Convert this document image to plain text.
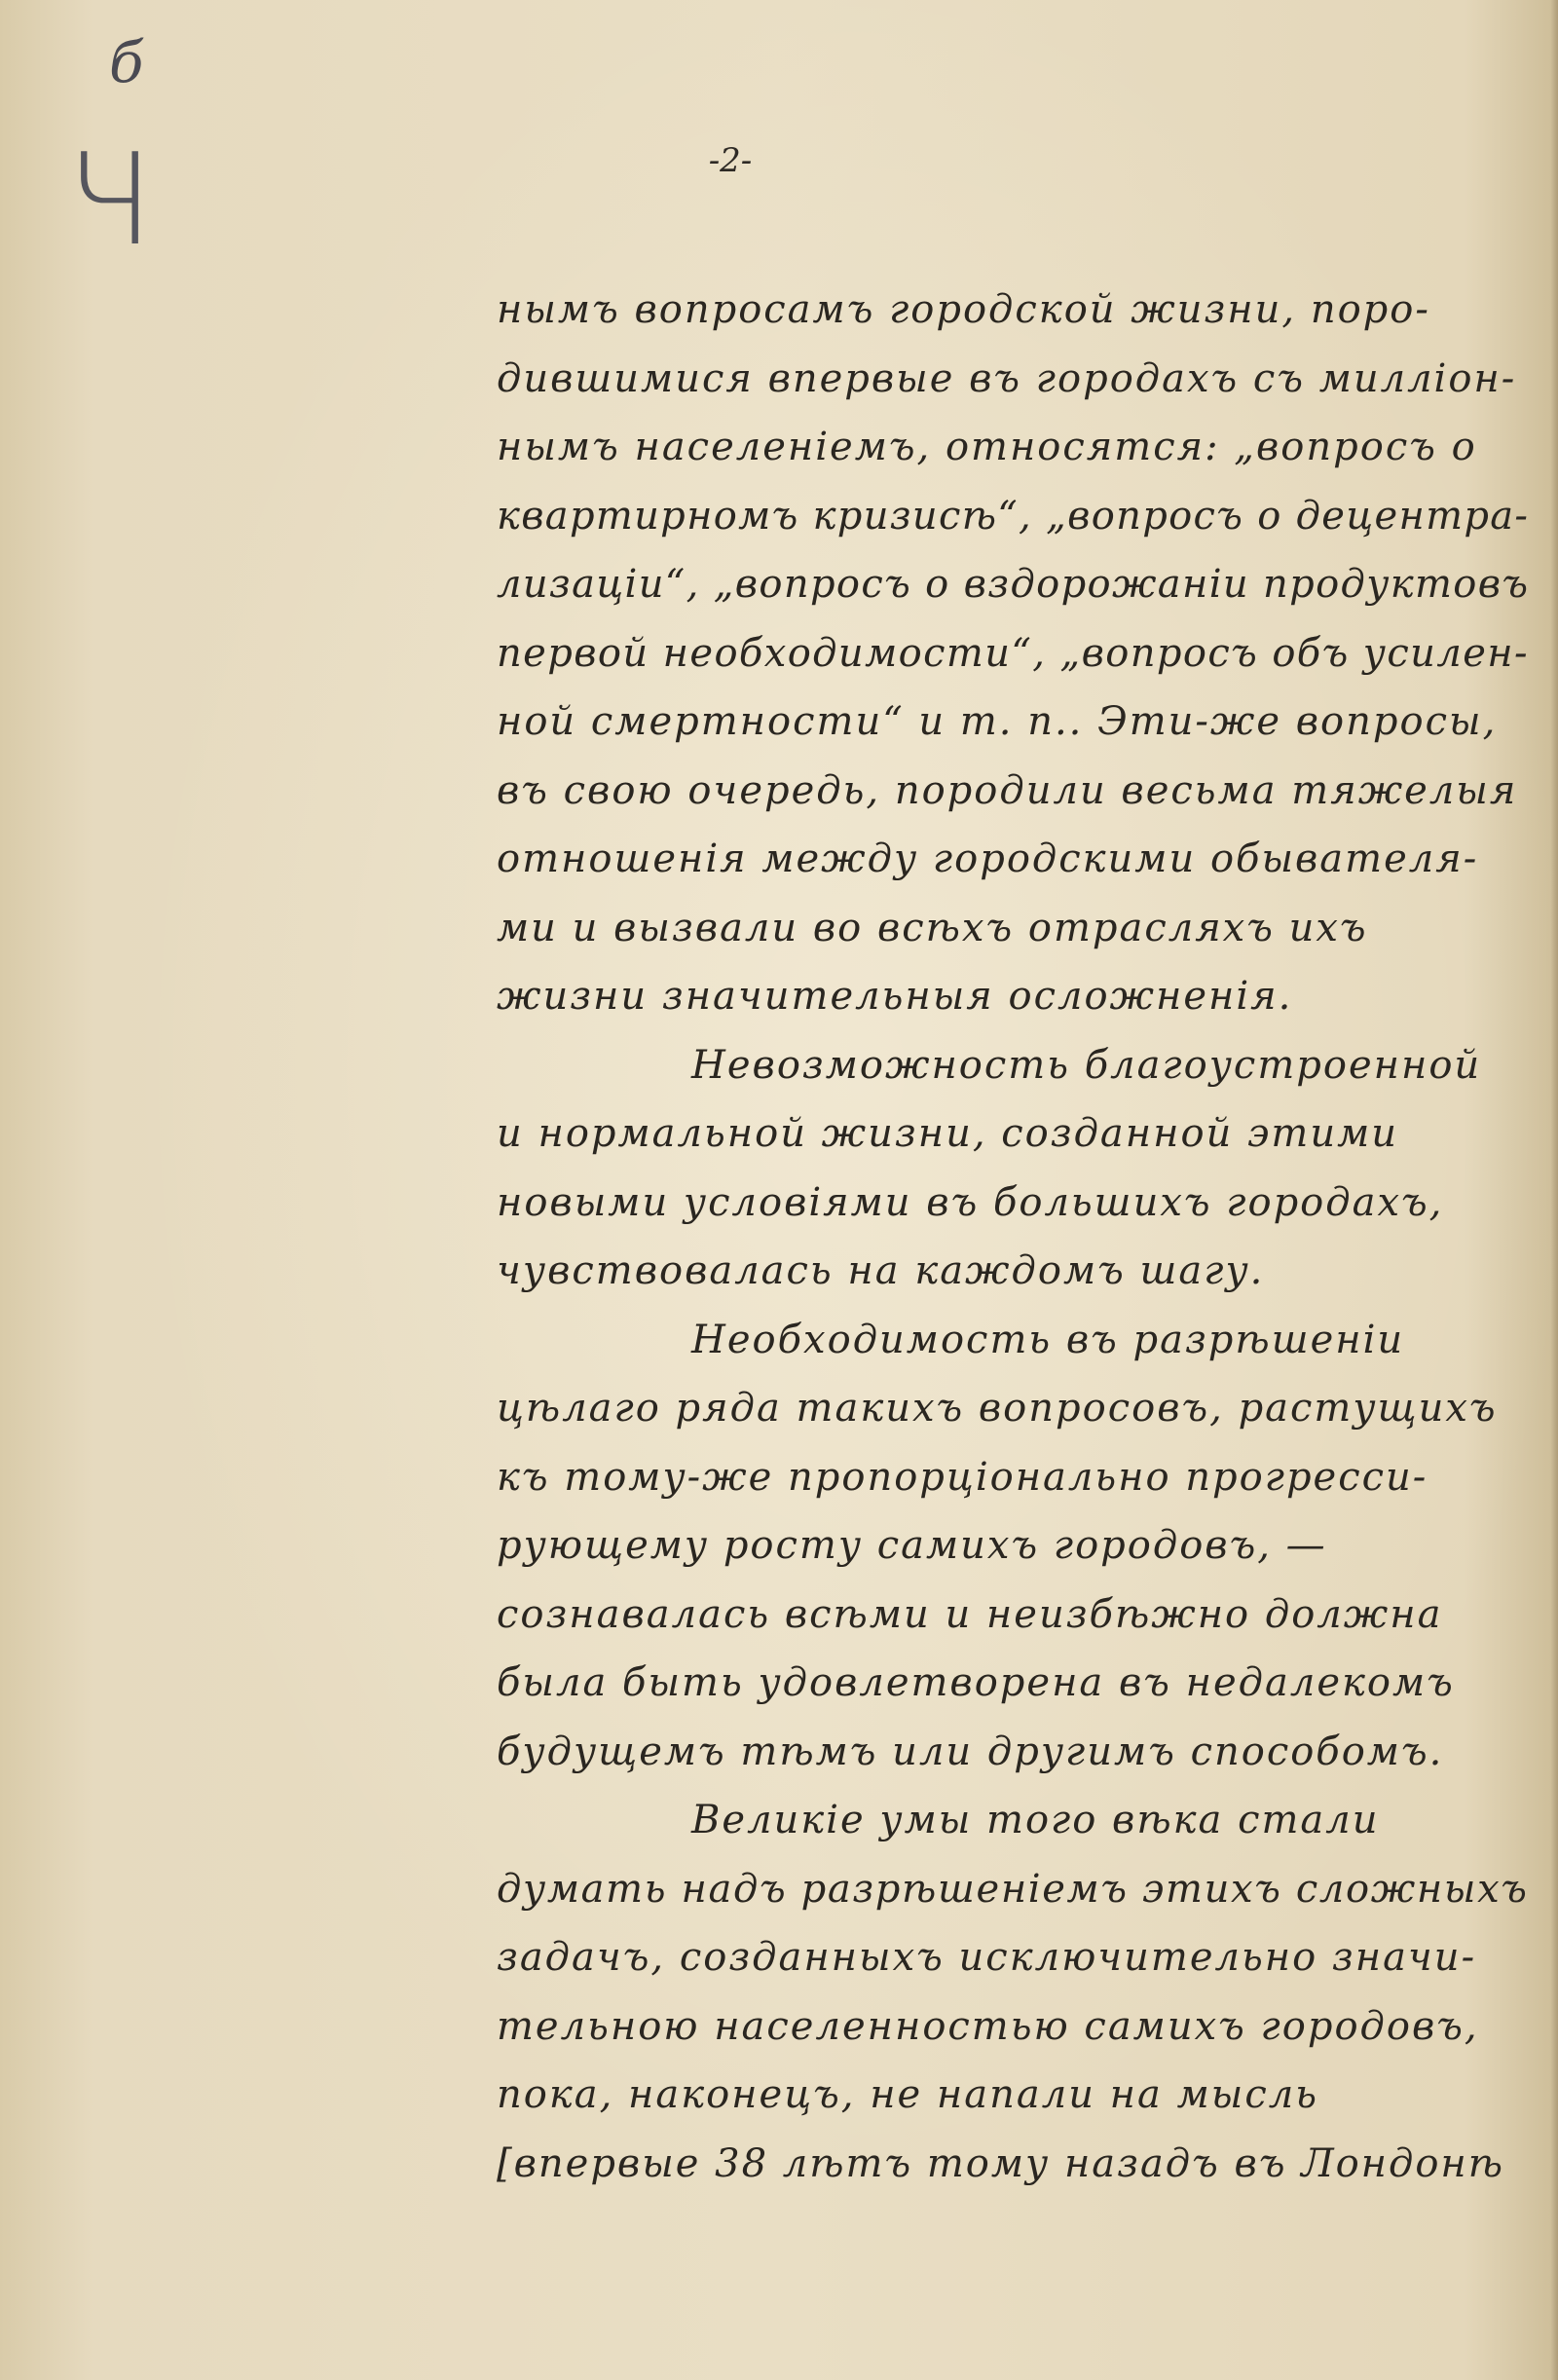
б
Ч	-2-
нымъ вопросамъ городской жизни, поро-
дившимися впервые въ городахъ съ миллiон-
нымъ населенiемъ, относятся: „вопросъ о
квартирномъ кризисѣ“, „вопросъ о децентра-
лизацiи“, „вопросъ о вздорожанiи продуктовъ
первой необходимости“, „вопросъ объ усилен-
ной смертности“ и т. п.. Эти-же вопросы,
въ свою очередь, породили весьма тяжелыя
отношенiя между городскими обывателя-
ми и вызвали во всѣхъ отрасляхъ ихъ
жизни значительныя осложненiя.
Невозможность благоустроенной
и нормальной жизни, созданной этими
новыми условiями въ большихъ городахъ,
чувствовалась на каждомъ шагу.
Необходимость въ разрѣшенiи
цѣлаго ряда такихъ вопросовъ, растущихъ
къ тому-же пропорцiонально прогресси-
рующему росту самихъ городовъ, —
сознавалась всѣми и неизбѣжно должна
была быть удовлетворена въ недалекомъ
будущемъ тѣмъ или другимъ способомъ.
Великiе умы того вѣка стали
думать надъ разрѣшенiемъ этихъ сложныхъ
задачъ, созданныхъ исключительно значи-
тельною населенностью самихъ городовъ,
пока, наконецъ, не напали на мысль
[впервые 38 лѣтъ тому назадъ въ Лондонѣ
